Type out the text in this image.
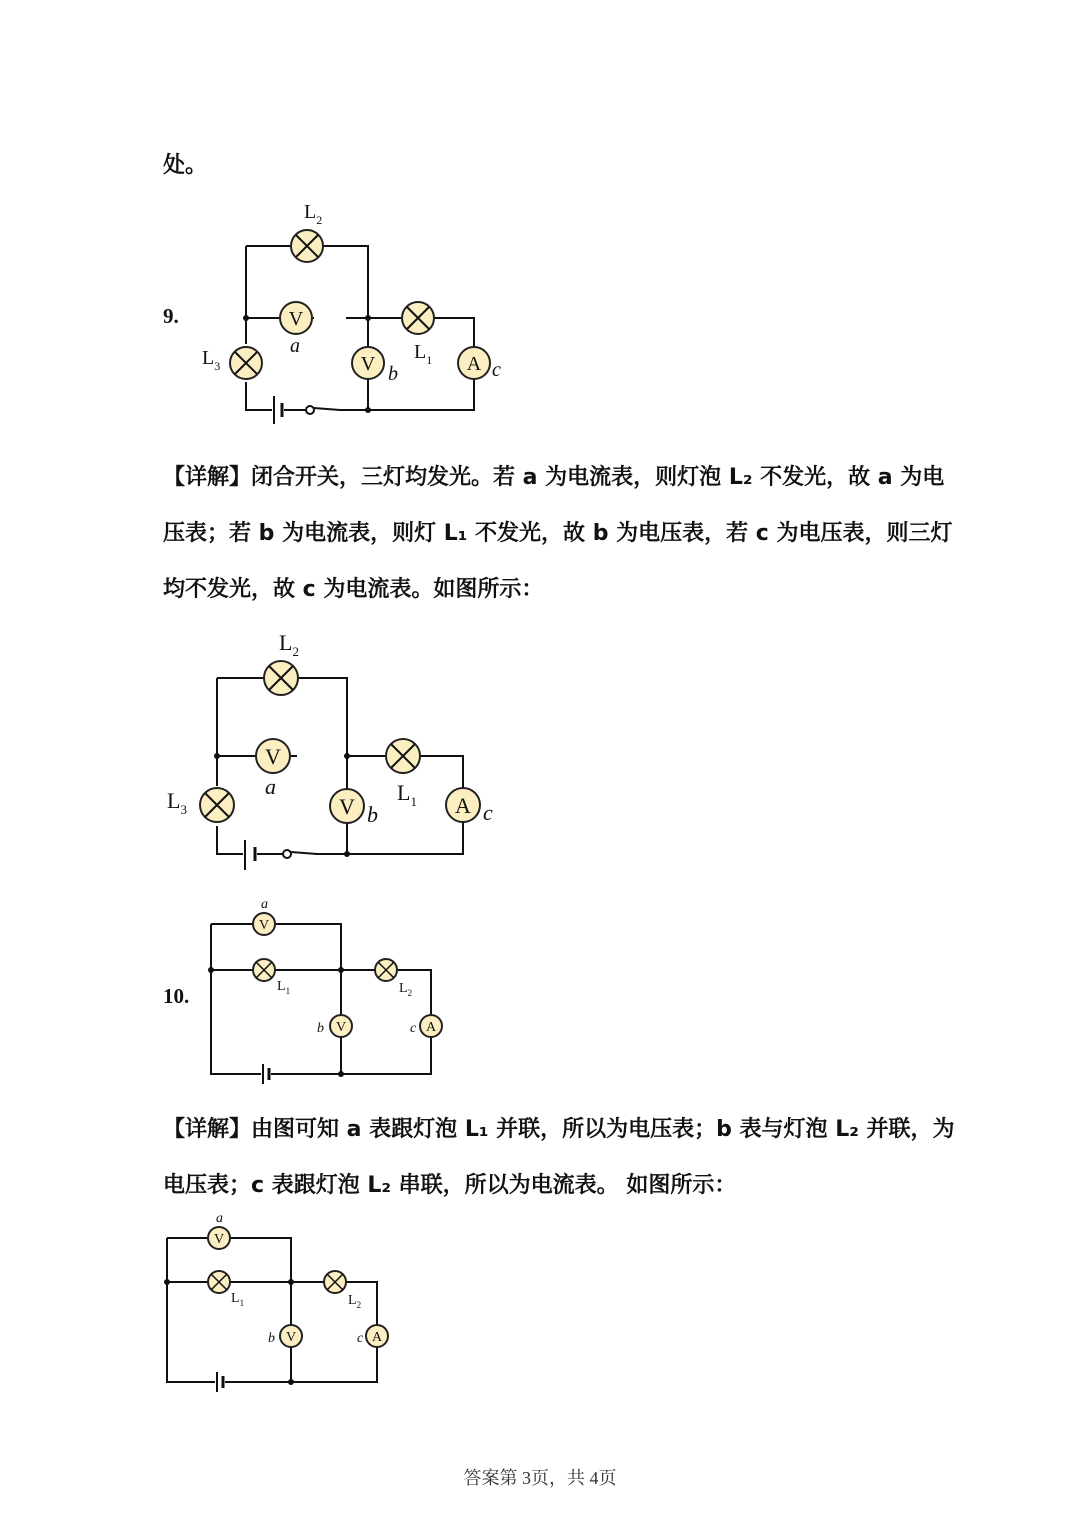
处。
9.
【详解】闭合开关，三灯均发光。若 a 为电流表，则灯泡 L₂ 不发光，故 a 为电
压表；若 b 为电流表，则灯 L₁ 不发光，故 b 为电压表，若 c 为电压表，则三灯
均不发光，故 c 为电流表。如图所示：
10.
【详解】由图可知 a 表跟灯泡 L₁ 并联，所以为电压表；b 表与灯泡 L₂ 并联，为
电压表；c 表跟灯泡 L₂ 串联，所以为电流表。 如图所示：
$L_2$
V
a	$L_1$
$L_3$	V b	A c
$L_2$
V
a	$L_1$
$L_3$	V b	A c
V
a
$L_1$	$L_2$
V
b	A
c
V
a
$L_1$	$L_2$
V
b	A
c
答案第 3页，共 4页
